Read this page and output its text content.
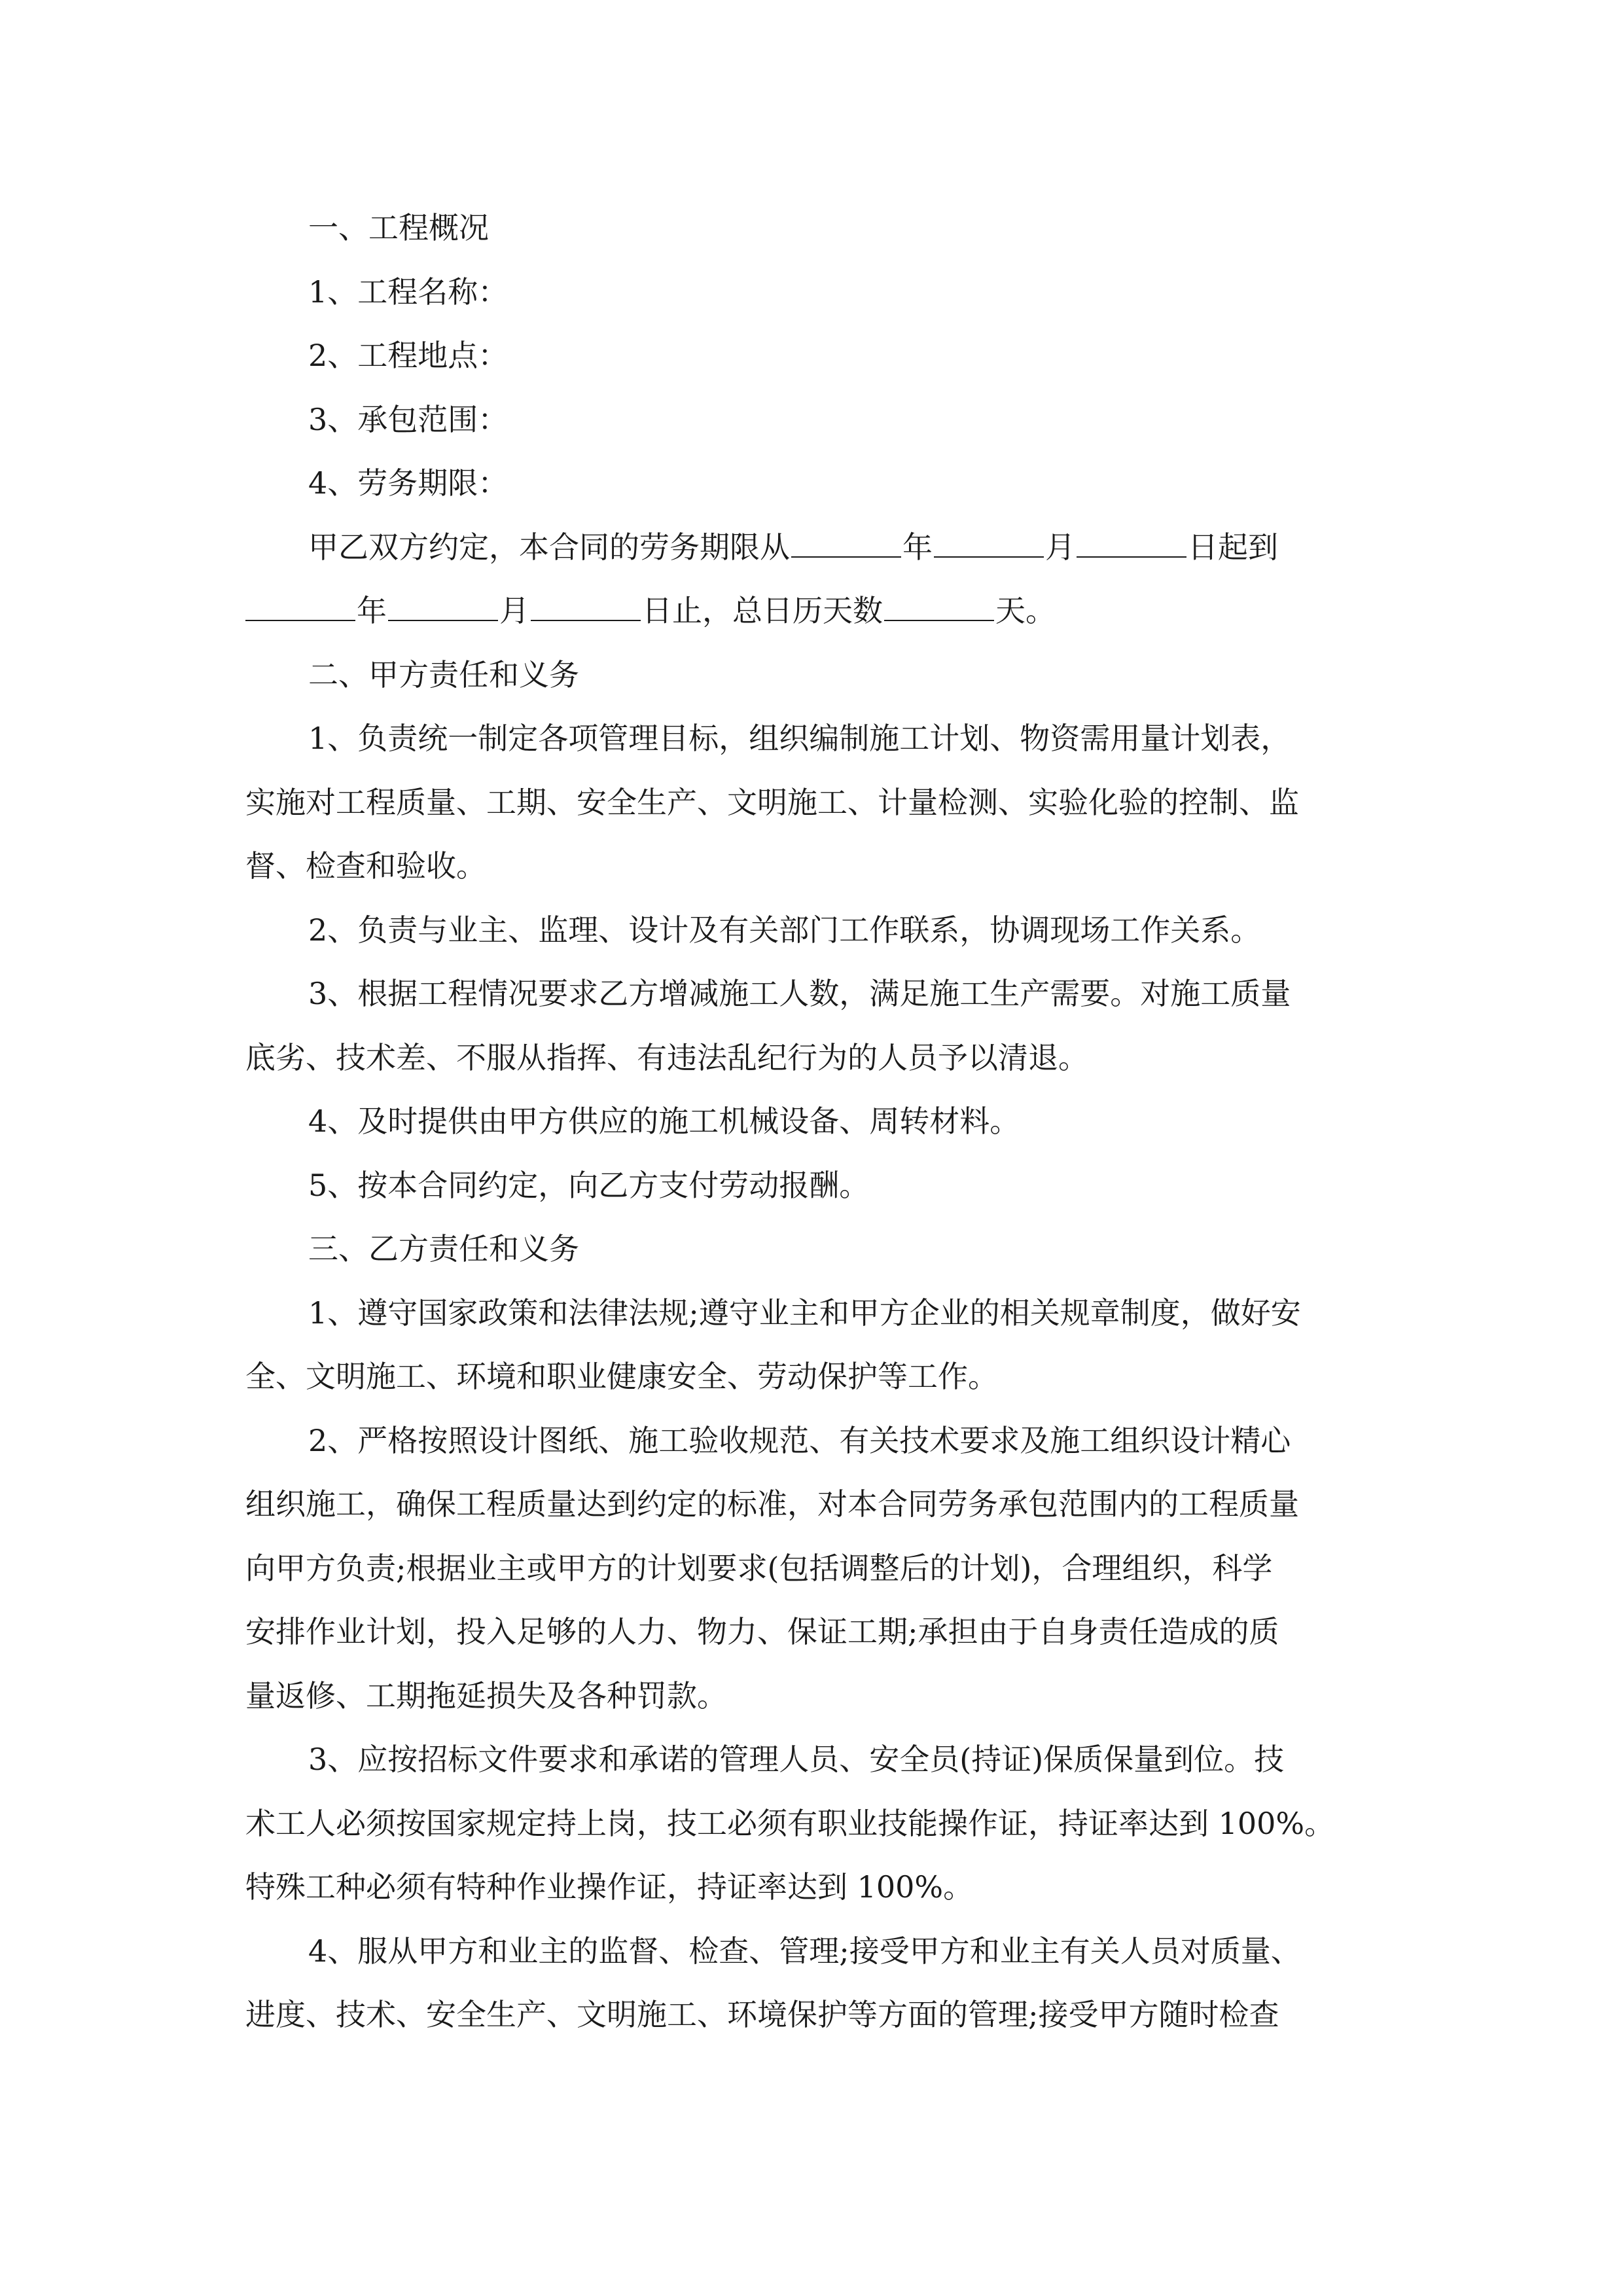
一、工程概况
1、工程名称：
2、工程地点：
3、承包范围：
4、劳务期限：
甲乙双方约定，本合同的劳务期限从	年	月	日起到
年	月	日止，总日历天数	天。
二、甲方责任和义务
1、负责统一制定各项管理目标，组织编制施工计划、物资需用量计划表，
实施对工程质量、工期、安全生产、文明施工、计量检测、实验化验的控制、监
督、检查和验收。
2、负责与业主、监理、设计及有关部门工作联系，协调现场工作关系。
3、根据工程情况要求乙方增减施工人数，满足施工生产需要。对施工质量
底劣、技术差、不服从指挥、有违法乱纪行为的人员予以清退。
4、及时提供由甲方供应的施工机械设备、周转材料。
5、按本合同约定，向乙方支付劳动报酬。
三、乙方责任和义务
1、遵守国家政策和法律法规;遵守业主和甲方企业的相关规章制度，做好安
全、文明施工、环境和职业健康安全、劳动保护等工作。
2、严格按照设计图纸、施工验收规范、有关技术要求及施工组织设计精心
组织施工，确保工程质量达到约定的标准，对本合同劳务承包范围内的工程质量
向甲方负责;根据业主或甲方的计划要求(包括调整后的计划)，合理组织，科学
安排作业计划，投入足够的人力、物力、保证工期;承担由于自身责任造成的质
量返修、工期拖延损失及各种罚款。
3、应按招标文件要求和承诺的管理人员、安全员(持证)保质保量到位。技
术工人必须按国家规定持上岗，技工必须有职业技能操作证，持证率达到 100%。
特殊工种必须有特种作业操作证，持证率达到 100%。
4、服从甲方和业主的监督、检查、管理;接受甲方和业主有关人员对质量、
进度、技术、安全生产、文明施工、环境保护等方面的管理;接受甲方随时检查
